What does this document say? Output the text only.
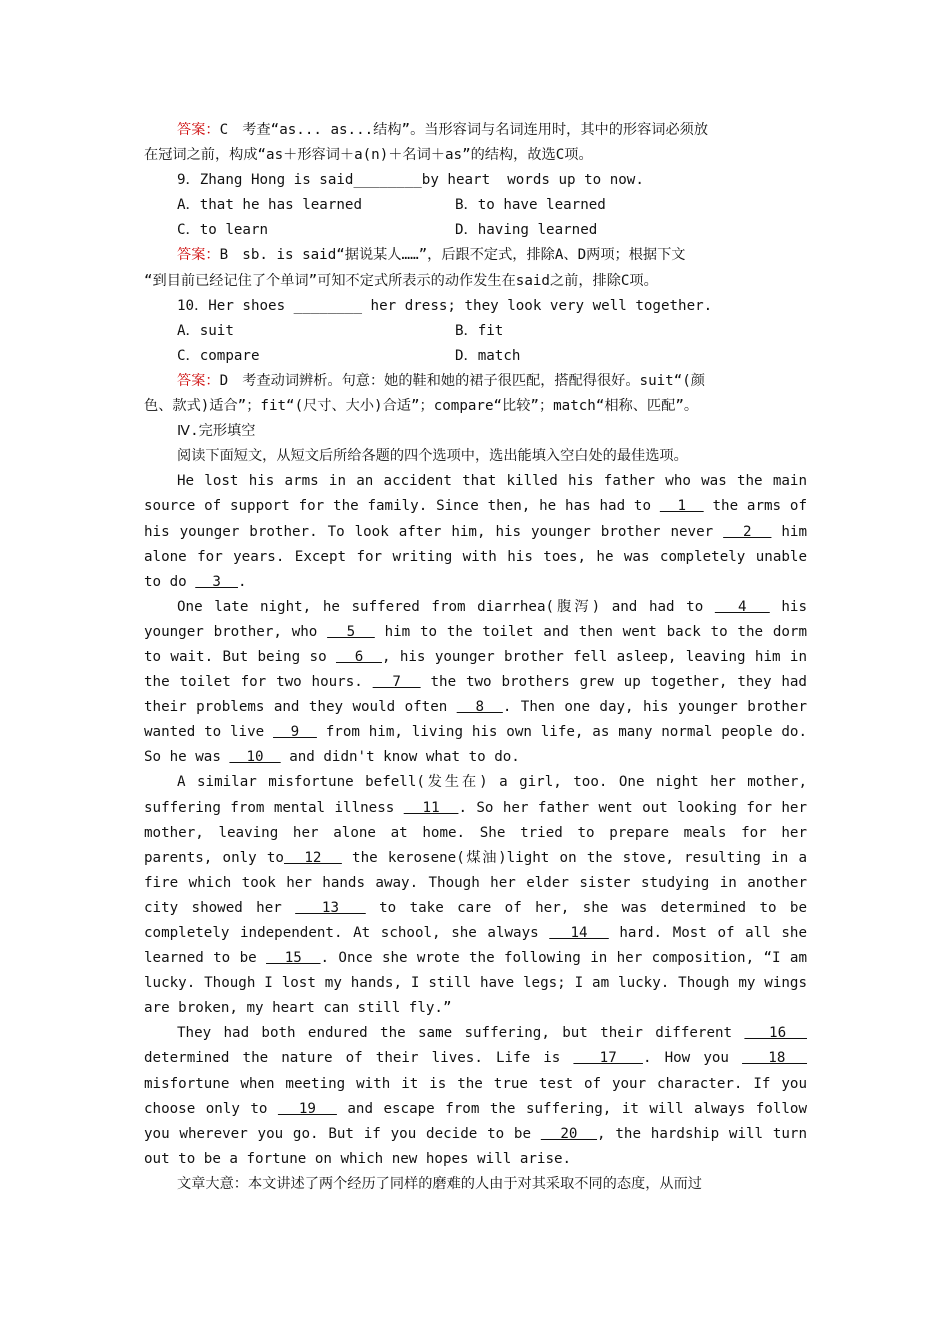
答案：C　考查“as... as...结构”。当形容词与名词连用时，其中的形容词必须放
在冠词之前，构成“as＋形容词＋a(n)＋名词＋as”的结构，故选C项。
9．Zhang Hong is said________by heart  words up to now.
A．that he has learned	B．to have learned
C．to learn	D．having learned
答案：B　sb. is said“据说某人……”，后跟不定式，排除A、D两项；根据下文
“到目前已经记住了个单词”可知不定式所表示的动作发生在said之前，排除C项。
10．Her shoes ________ her dress; they look very well together.
A．suit	B．fit
C．compare	D．match
答案：D　考查动词辨析。句意：她的鞋和她的裙子很匹配，搭配得很好。suit“(颜
色、款式)适合”；fit“(尺寸、大小)合适”；compare“比较”；match“相称、匹配”。
Ⅳ.完形填空
阅读下面短文，从短文后所给各题的四个选项中，选出能填入空白处的最佳选项。
He lost his arms in an accident that killed his father who was the main source of support for the family. Since then, he has had to   1   the arms of his younger brother. To look after him, his younger brother never   2   him alone for years. Except for writing with his toes, he was completely unable to do   3  .
One late night, he suffered from diarrhea(腹泻) and had to   4   his younger brother, who   5   him to the toilet and then went back to the dorm to wait. But being so   6  , his younger brother fell asleep, leaving him in the toilet for two hours.   7   the two brothers grew up together, they had their problems and they would often   8  . Then one day, his younger brother wanted to live   9   from him, living his own life, as many normal people do. So he was   10   and didn't know what to do.
A similar misfortune befell(发生在) a girl, too. One night her mother, suffering from mental illness   11  . So her father went out looking for her mother, leaving her alone at home. She tried to prepare meals for her parents, only to  12   the kerosene(煤油)light on the stove, resulting in a fire which took her hands away. Though her elder sister studying in another city showed her   13   to take care of her, she was determined to be completely independent. At school, she always   14   hard. Most of all she learned to be   15  . Once she wrote the following in her composition, “I am lucky. Though I lost my hands, I still have legs; I am lucky. Though my wings are broken, my heart can still fly.”
They had both endured the same suffering, but their different   16   determined the nature of their lives. Life is   17  . How you   18   misfortune when meeting with it is the true test of your character. If you choose only to   19   and escape from the suffering, it will always follow you wherever you go. But if you decide to be   20  , the hardship will turn out to be a fortune on which new hopes will arise.
文章大意：本文讲述了两个经历了同样的磨难的人由于对其采取不同的态度，从而过
